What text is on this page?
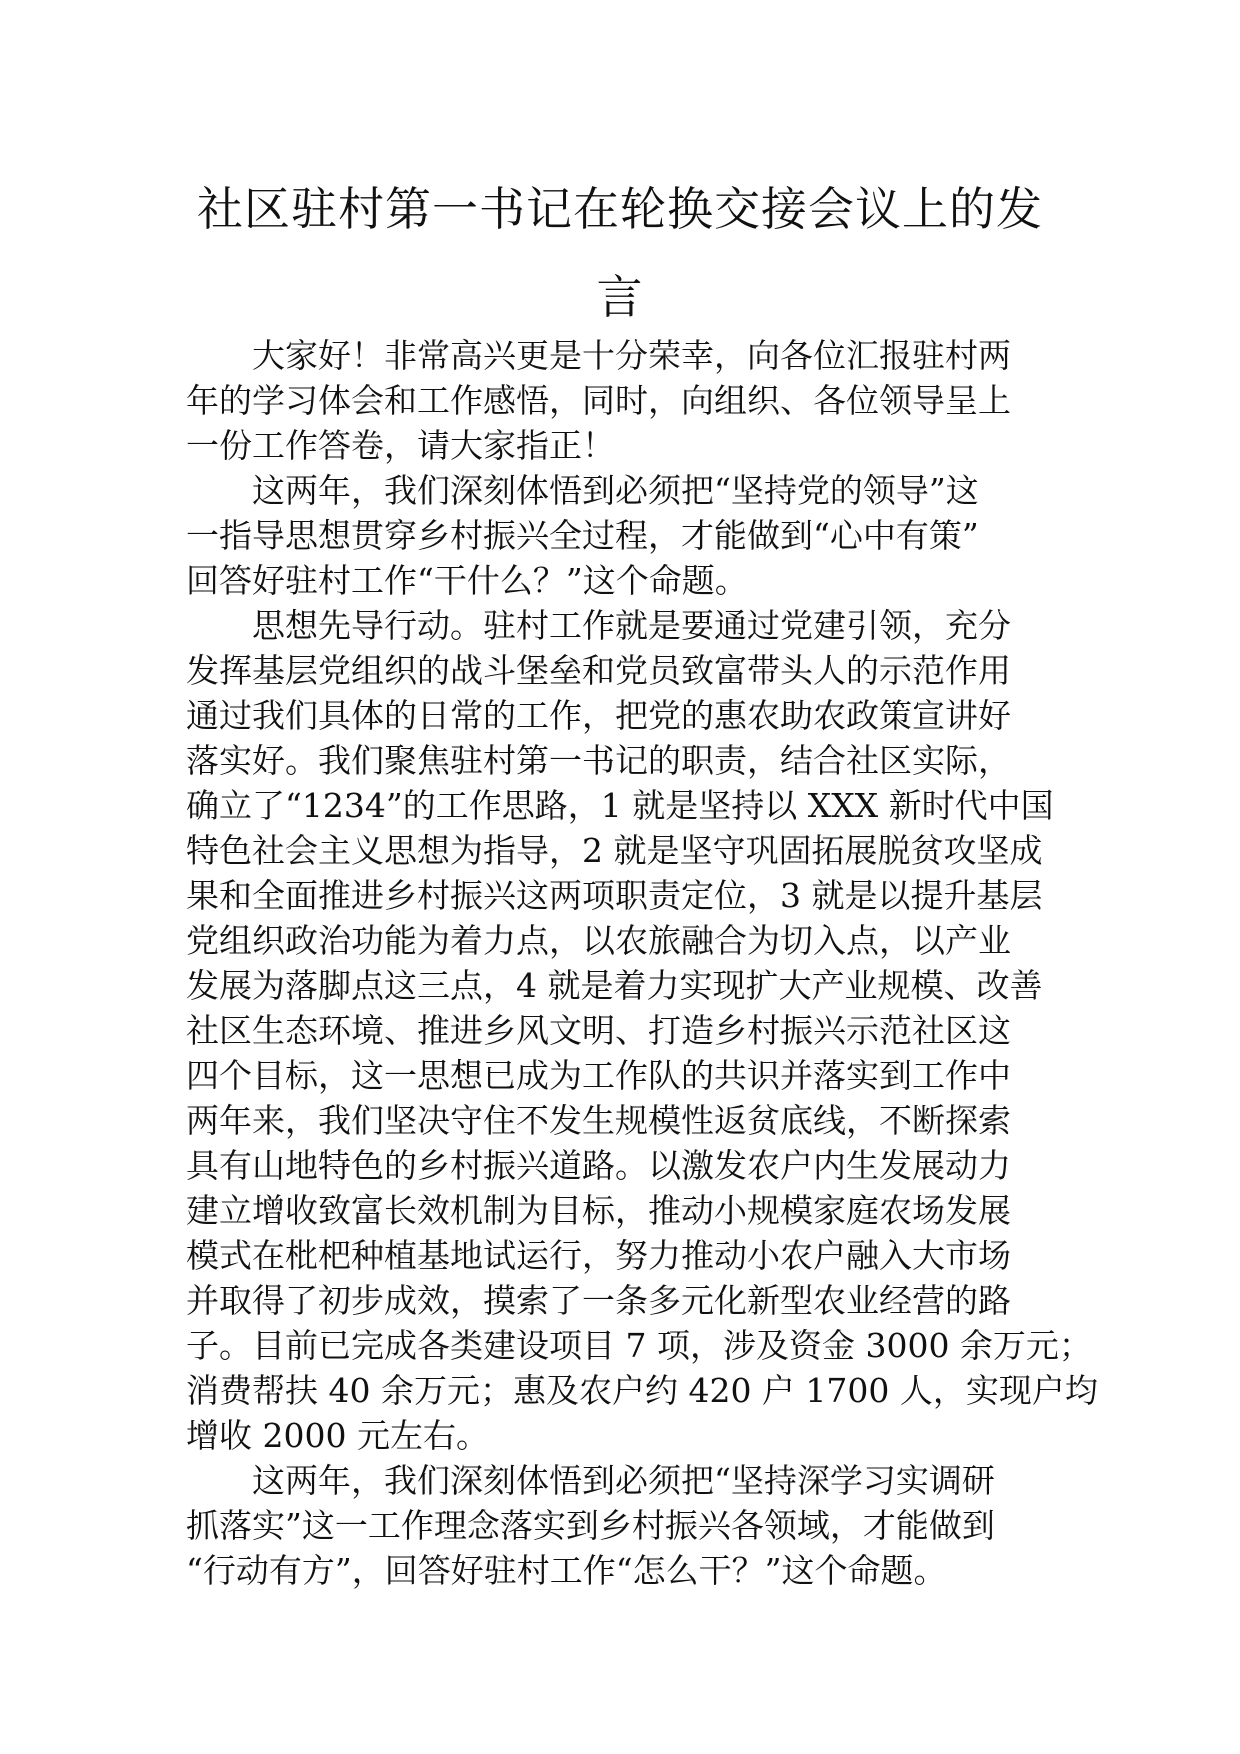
社区驻村第一书记在轮换交接会议上的发
言
大家好！非常高兴更是十分荣幸，向各位汇报驻村两
年的学习体会和工作感悟，同时，向组织、各位领导呈上
一份工作答卷，请大家指正！
这两年，我们深刻体悟到必须把“坚持党的领导”这
一指导思想贯穿乡村振兴全过程，才能做到“心中有策”
回答好驻村工作“干什么？”这个命题。
思想先导行动。驻村工作就是要通过党建引领，充分
发挥基层党组织的战斗堡垒和党员致富带头人的示范作用
通过我们具体的日常的工作，把党的惠农助农政策宣讲好
落实好。我们聚焦驻村第一书记的职责，结合社区实际，
确立了“1234”的工作思路，1 就是坚持以 XXX 新时代中国
特色社会主义思想为指导，2 就是坚守巩固拓展脱贫攻坚成
果和全面推进乡村振兴这两项职责定位，3 就是以提升基层
党组织政治功能为着力点，以农旅融合为切入点，以产业
发展为落脚点这三点，4 就是着力实现扩大产业规模、改善
社区生态环境、推进乡风文明、打造乡村振兴示范社区这
四个目标，这一思想已成为工作队的共识并落实到工作中
两年来，我们坚决守住不发生规模性返贫底线，不断探索
具有山地特色的乡村振兴道路。以激发农户内生发展动力
建立增收致富长效机制为目标，推动小规模家庭农场发展
模式在枇杷种植基地试运行，努力推动小农户融入大市场
并取得了初步成效，摸索了一条多元化新型农业经营的路
子。目前已完成各类建设项目 7 项，涉及资金 3000 余万元；
消费帮扶 40 余万元；惠及农户约 420 户 1700 人，实现户均
增收 2000 元左右。
这两年，我们深刻体悟到必须把“坚持深学习实调研
抓落实”这一工作理念落实到乡村振兴各领域，才能做到
“行动有方”，回答好驻村工作“怎么干？”这个命题。
